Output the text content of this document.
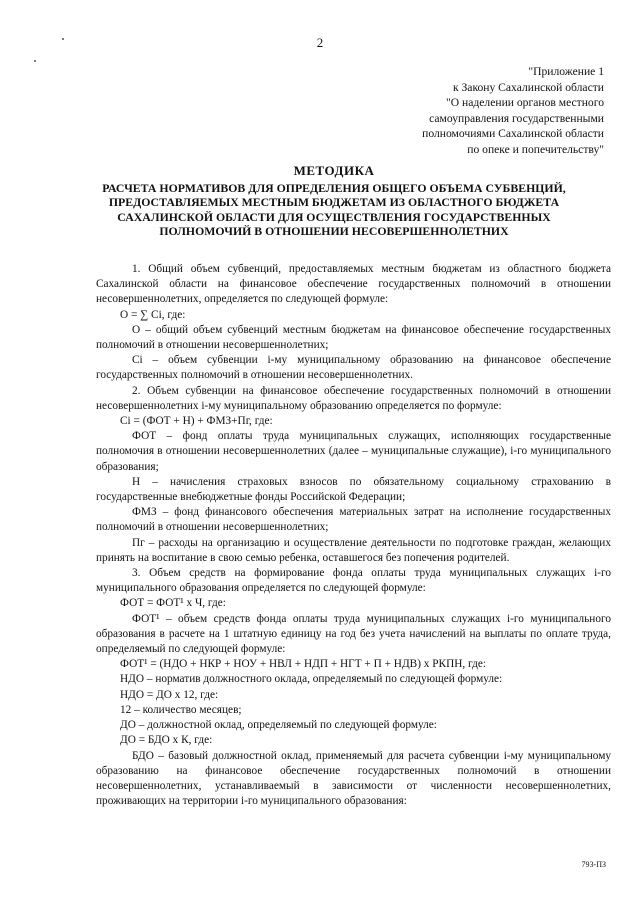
2
"Приложение 1
к Закону Сахалинской области
"О наделении органов местного
самоуправления государственными
полномочиями Сахалинской области
по опеке и попечительству"
МЕТОДИКА
РАСЧЕТА НОРМАТИВОВ ДЛЯ ОПРЕДЕЛЕНИЯ ОБЩЕГО ОБЪЕМА СУБВЕНЦИЙ,
ПРЕДОСТАВЛЯЕМЫХ МЕСТНЫМ БЮДЖЕТАМ ИЗ ОБЛАСТНОГО БЮДЖЕТА
САХАЛИНСКОЙ ОБЛАСТИ ДЛЯ ОСУЩЕСТВЛЕНИЯ ГОСУДАРСТВЕННЫХ
ПОЛНОМОЧИЙ В ОТНОШЕНИИ НЕСОВЕРШЕННОЛЕТНИХ

1. Общий объем субвенций, предоставляемых местным бюджетам из областного бюджета Сахалинской области на финансовое обеспечение государственных полномочий в отношении несовершеннолетних, определяется по следующей формуле:

О = ∑ Сi, где:

О – общий объем субвенций местным бюджетам на финансовое обеспечение государственных полномочий в отношении несовершеннолетних;

Сi – объем субвенции i-му муниципальному образованию на финансовое обеспечение государственных полномочий в отношении несовершеннолетних.

2. Объем субвенции на финансовое обеспечение государственных полномочий в отношении несовершеннолетних i-му муниципальному образованию определяется по формуле:

Сi = (ФОТ + Н) + ФМЗ+Пг, где:

ФОТ – фонд оплаты труда муниципальных служащих, исполняющих государственные полномочия в отношении несовершеннолетних (далее – муниципальные служащие), i-го муниципального образования;

Н – начисления страховых взносов по обязательному социальному страхованию в государственные внебюджетные фонды Российской Федерации;

ФМЗ – фонд финансового обеспечения материальных затрат на исполнение государственных полномочий в отношении несовершеннолетних;

Пг – расходы на организацию и осуществление деятельности по подготовке граждан, желающих принять на воспитание в свою семью ребенка, оставшегося без попечения родителей.

3. Объем средств на формирование фонда оплаты труда муниципальных служащих i-го муниципального образования определяется по следующей формуле:

ФОТ = ФОТ¹ х Ч, где:

ФОТ¹ – объем средств фонда оплаты труда муниципальных служащих i-го муниципального образования в расчете на 1 штатную единицу на год без учета начислений на выплаты по оплате труда, определяемый по следующей формуле:

ФОТ¹ = (НДО + НКР + НОУ + НВЛ + НДП + НГТ + П + НДВ) х РКПН, где:

НДО – норматив должностного оклада, определяемый по следующей формуле:

НДО = ДО х 12, где:

12 – количество месяцев;

ДО – должностной оклад, определяемый по следующей формуле:

ДО = БДО х К, где:

БДО – базовый должностной оклад, применяемый для расчета субвенции i-му муниципальному образованию на финансовое обеспечение государственных полномочий в отношении несовершеннолетних, устанавливаемый в зависимости от численности несовершеннолетних, проживающих на территории i-го муниципального образования:

793-ПЗ
